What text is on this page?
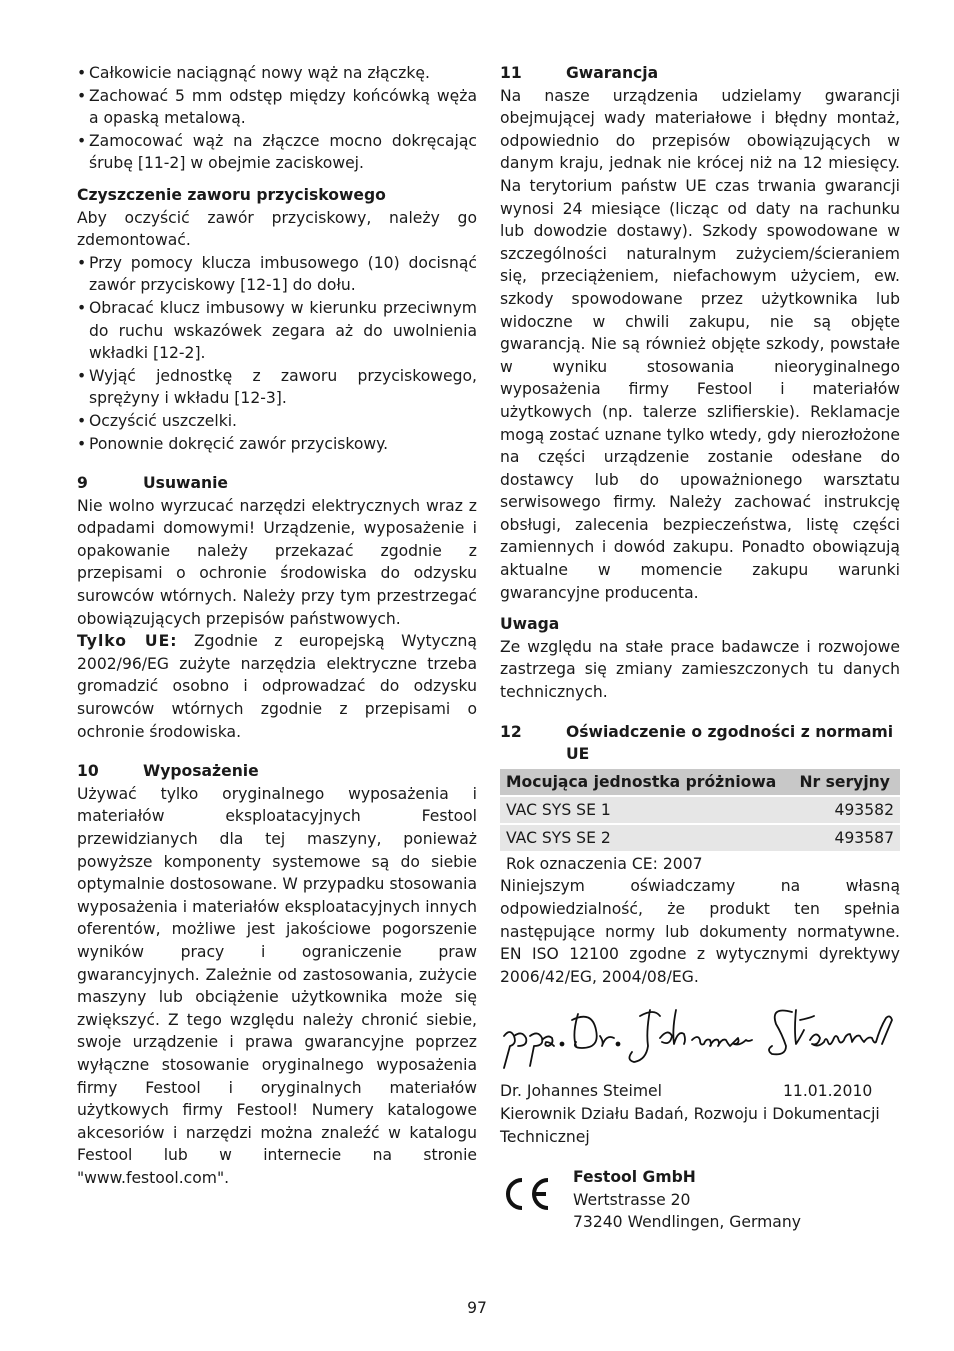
• Całkowicie naciągnąć nowy wąż na złączkę.
• Zachować 5 mm odstęp między końcówką węża a opaską metalową.
• Zamocować wąż na złączce mocno dokręcając śrubę [11-2] w obejmie zaciskowej.

Czyszczenie zaworu przyciskowego

Aby oczyścić zawór przyciskowy, należy go zdemontować.

• Przy pomocy klucza imbusowego (10) docisnąć zawór przyciskowy [12-1] do dołu.
• Obracać klucz imbusowy w kierunku przeciwnym do ruchu wskazówek zegara aż do uwolnienia wkładki [12-2].
• Wyjąć jednostkę z zaworu przyciskowego, sprężyny i wkładu [12-3].
• Oczyścić uszczelki.
• Ponownie dokręcić zawór przyciskowy.
9	Usuwanie

Nie wolno wyrzucać narzędzi elektrycznych wraz z odpadami domowymi! Urządzenie, wyposażenie i opakowanie należy przekazać zgodnie z przepisami o ochronie środowiska do odzysku surowców wtórnych. Należy przy tym przestrzegać obowiązujących przepisów państwowych.

Tylko UE: Zgodnie z europejską Wytyczną 2002/96/EG zużyte narzędzia elektryczne trzeba gromadzić osobno i odprowadzać do odzysku surowców wtórnych zgodnie z przepisami o ochronie środowiska.

10	Wyposażenie

Używać tylko oryginalnego wyposażenia i materiałów eksploatacyjnych Festool przewidzianych dla tej maszyny, ponieważ powyższe komponenty systemowe są do siebie optymalnie dostosowane. W przypadku stosowania wyposażenia i materiałów eksploatacyjnych innych oferentów, możliwe jest jakościowe pogorszenie wyników pracy i ograniczenie praw gwarancyjnych. Zależnie od zastosowania, zużycie maszyny lub obciążenie użytkownika może się zwiększyć. Z tego względu należy chronić siebie, swoje urządzenie i prawa gwarancyjne poprzez wyłączne stosowanie oryginalnego wyposażenia firmy Festool i oryginalnych materiałów użytkowych firmy Festool! Numery katalogowe akcesoriów i narzędzi można znaleźć w katalogu Festool lub w internecie na stronie "www.festool.com".

11	Gwarancja

Na nasze urządzenia udzielamy gwarancji obejmującej wady materiałowe i błędny montaż, odpowiednio do przepisów obowiązujących w danym kraju, jednak nie krócej niż na 12 miesięcy. Na terytorium państw UE czas trwania gwarancji wynosi 24 miesiące (licząc od daty na rachunku lub dowodzie dostawy). Szkody spowodowane w szczególności naturalnym zużyciem/ścieraniem się, przeciążeniem, niefachowym użyciem, ew. szkody spowodowane przez użytkownika lub widoczne w chwili zakupu, nie są objęte gwarancją. Nie są również objęte szkody, powstałe w wyniku stosowania nieoryginalnego wyposażenia firmy Festool i materiałów użytkowych (np. talerze szlifierskie). Reklamacje mogą zostać uznane tylko wtedy, gdy nierozłożone na części urządzenie zostanie odesłane do dostawcy lub do upoważnionego warsztatu serwisowego firmy. Należy zachować instrukcję obsługi, zalecenia bezpieczeństwa, listę części zamiennych i dowód zakupu. Ponadto obowiązują aktualne w momencie zakupu warunki gwarancyjne producenta.

Uwaga

Ze względu na stałe prace badawcze i rozwojowe zastrzega się zmiany zamieszczonych tu danych technicznych.

12	Oświadczenie o zgodności z normami UE
Mocująca jednostka próżniowa	Nr seryjny
VAC SYS SE 1	493582
VAC SYS SE 2	493587

Rok oznaczenia CE: 2007

Niniejszym oświadczamy na własną odpowiedzialność, że produkt ten spełnia następujące normy lub dokumenty normatywne. EN ISO 12100 zgodne z wytycznymi dyrektywy 2006/42/EG, 2004/08/EG.

Dr. Johannes Steimel	11.01.2010

Kierownik Działu Badań, Rozwoju i Dokumentacji Technicznej

Festool GmbH

Wertstrasse 20

73240 Wendlingen, Germany

97
